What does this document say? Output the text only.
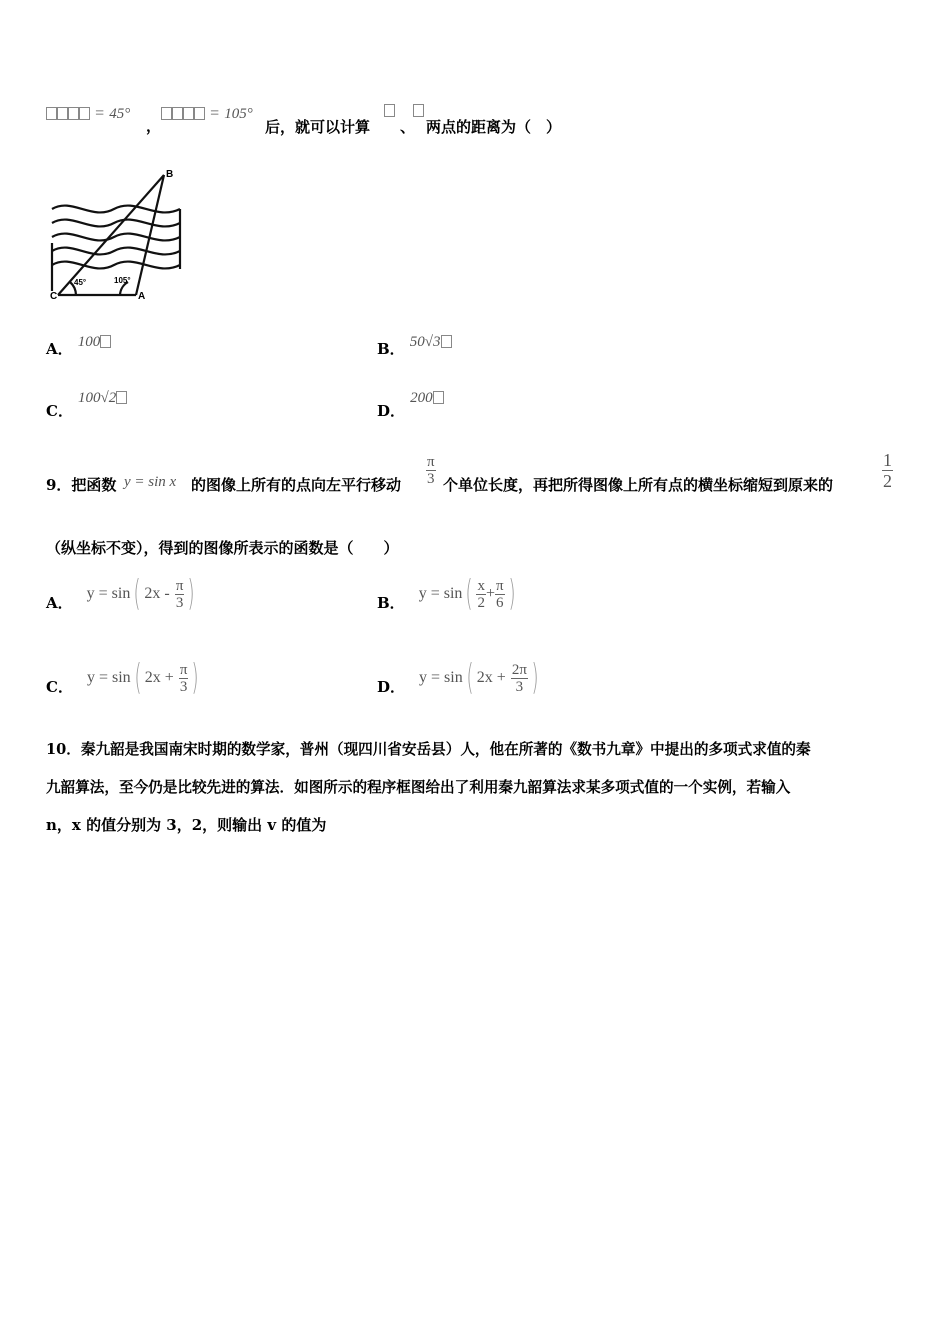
= 45°
，
= 105°
后，就可以计算 、 两点的距离为（　）
B
C	A
45°	105°
A． 100	B． 50√3
C． 100√2
D． 200
9．把函数 y = sin x 的图像上所有的点向左平行移动
π
3 个单位长度，再把所得图像上所有点的横坐标缩短到原来的
1
2
（纵坐标不变），得到的图像所表示的函数是（　　）
A． y = sin ( 2x -
$\frac{\pi}{3}$ )	B． y = sin ( $\frac{x}{2} + \frac{\pi}{6}$ )
C． y = sin ( 2x +
$\frac{\pi}{3}$ )	D． y = sin ( 2x +
$\frac{2\pi}{3}$ )
10．秦九韶是我国南宋时期的数学家，普州（现四川省安岳县）人，他在所著的《数书九章》中提出的多项式求值的秦
九韶算法，至今仍是比较先进的算法．如图所示的程序框图给出了利用秦九韶算法求某多项式值的一个实例，若输入
n，x 的值分别为 3，2，则输出 v 的值为
